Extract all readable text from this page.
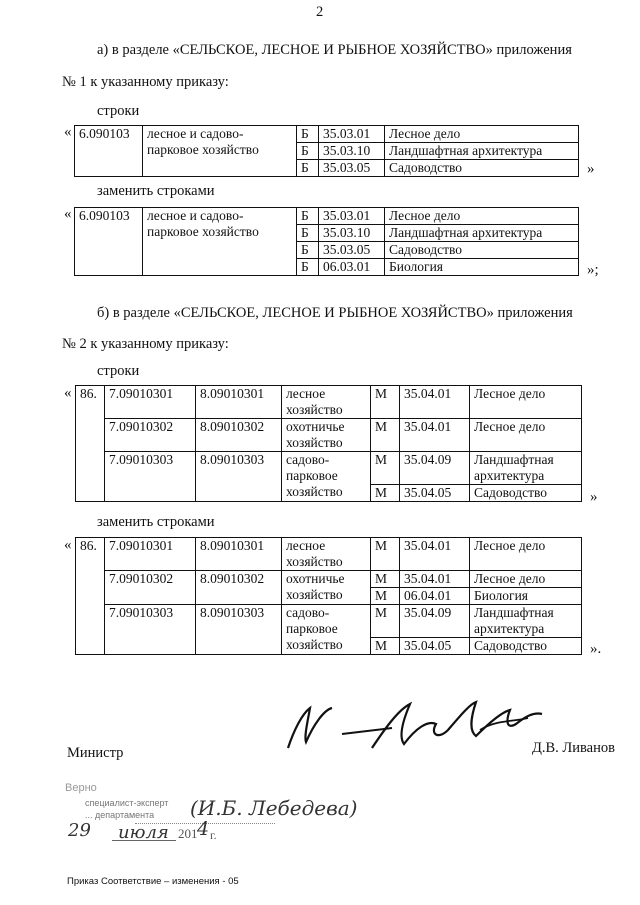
2
а) в разделе «СЕЛЬСКОЕ, ЛЕСНОЕ И РЫБНОЕ ХОЗЯЙСТВО» приложения
№ 1 к указанному приказу:
строки
« 6.090103	лесное и садово-
парковое хозяйство	Б	35.03.01	Лесное дело
		Б	35.03.10	Ландшафтная архитектура
		Б	35.03.05	Садоводство	»
заменить строками
« 6.090103	лесное и садово-
парковое хозяйство	Б	35.03.01	Лесное дело
		Б	35.03.10	Ландшафтная архитектура
		Б	35.03.05	Садоводство
		Б	06.03.01	Биология	»;
б) в разделе «СЕЛЬСКОЕ, ЛЕСНОЕ И РЫБНОЕ ХОЗЯЙСТВО» приложения
№ 2 к указанному приказу:
строки
« 86.	7.09010301	8.09010301	лесное
хозяйство	М	35.04.01	Лесное дело
	7.09010302	8.09010302	охотничье
хозяйство	М	35.04.01	Лесное дело
	7.09010303	8.09010303	садово-
парковое
хозяйство	М	35.04.09	Ландшафтная
архитектура
				М	35.04.05	Садоводство	»
заменить строками
« 86.	7.09010301	8.09010301	лесное
хозяйство	М	35.04.01	Лесное дело
	7.09010302	8.09010302	охотничье
хозяйство	М	35.04.01	Лесное дело
				М	06.04.01	Биология
	7.09010303	8.09010303	садово-
парковое
хозяйство	М	35.04.09	Ландшафтная
архитектура
				М	35.04.05	Садоводство	».
Министр	Д.В. Ливанов
Верно
специалист-эксперт
... департамента (И.Б. Лебедева)
29 июля 201 4 г.
Приказ Соответствие – изменения - 05
